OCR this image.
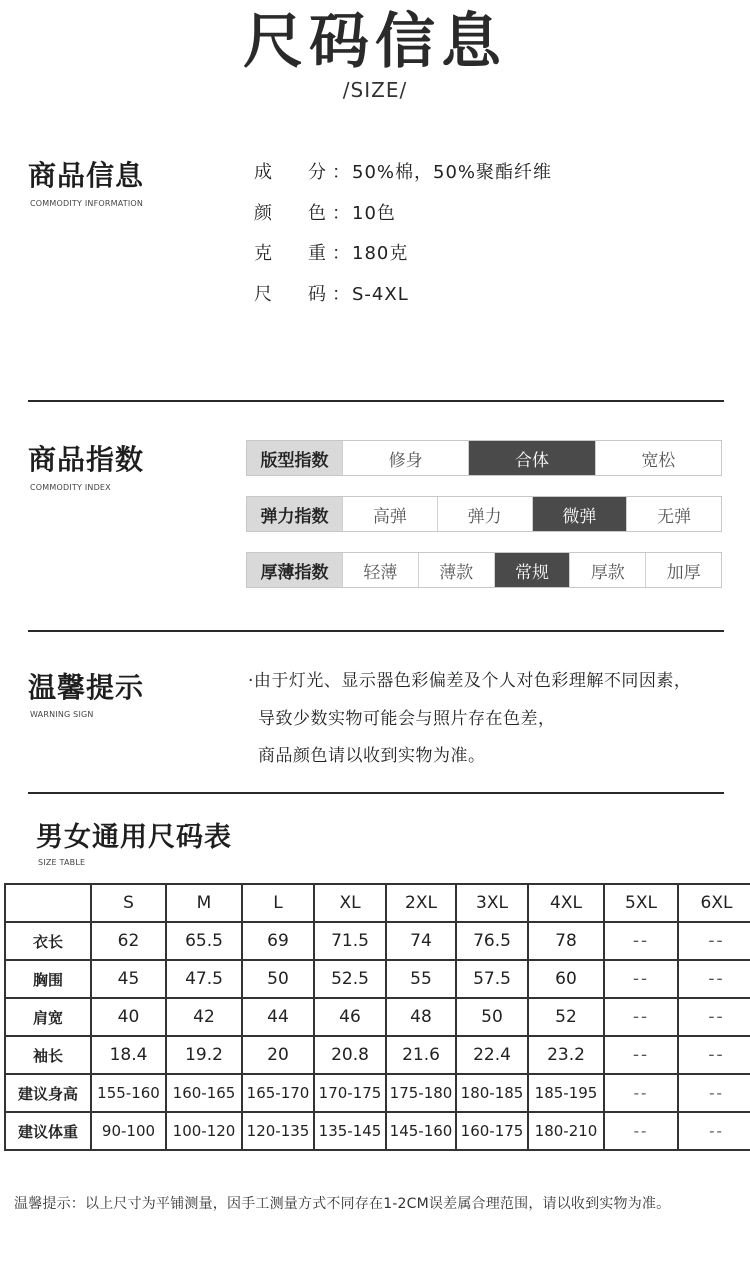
尺码信息
/SIZE/
商品信息
COMMODITY INFORMATION
成 分 ：50%棉，50%聚酯纤维
颜 色 ：10色
克 重 ：180克
尺 码 ：S-4XL
商品指数
COMMODITY INDEX
版型指数	修身	合体	宽松
弹力指数	高弹	弹力	微弹	无弹
厚薄指数	轻薄	薄款	常规	厚款	加厚
温馨提示
WARNING SIGN
·由于灯光、显示器色彩偏差及个人对色彩理解不同因素，
导致少数实物可能会与照片存在色差，
商品颜色请以收到实物为准。
男女通用尺码表
SIZE TABLE
	S	M	L	XL	2XL	3XL	4XL	5XL	6XL
衣长	62	65.5	69	71.5	74	76.5	78	--	--
胸围	45	47.5	50	52.5	55	57.5	60	--	--
肩宽	40	42	44	46	48	50	52	--	--
袖长	18.4	19.2	20	20.8	21.6	22.4	23.2	--	--
建议身高	155-160	160-165	165-170	170-175	175-180	180-185	185-195	--	--
建议体重	90-100	100-120	120-135	135-145	145-160	160-175	180-210	--	--
温馨提示：以上尺寸为平铺测量，因手工测量方式不同存在1-2CM误差属合理范围，请以收到实物为准。
